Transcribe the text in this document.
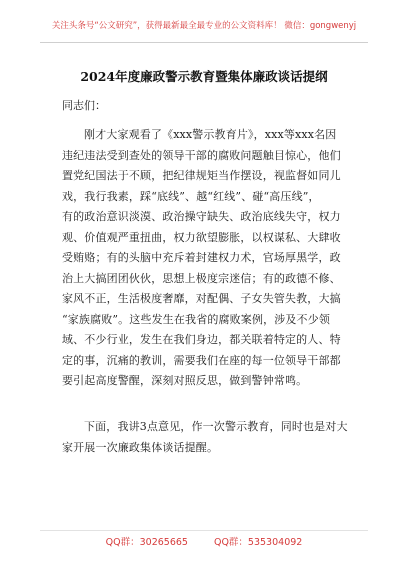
关注头条号“公文研究”，获得最新最全最专业的公文资料库！ 微信：gongwenyj
2024年度廉政警示教育暨集体廉政谈话提纲
同志们：
刚才大家观看了《xxx警示教育片》，xxx等xxx名因
违纪违法受到查处的领导干部的腐败问题触目惊心，他们
置党纪国法于不顾，把纪律规矩当作摆设，视监督如同儿
戏，我行我素，踩“底线”、越“红线”、碰“高压线”，
有的政治意识淡漠、政治操守缺失、政治底线失守，权力
观、价值观严重扭曲，权力欲望膨胀，以权谋私、大肆收
受贿赂；有的头脑中充斥着封建权力术，官场厚黑学，政
治上大搞团团伙伙，思想上极度宗迷信；有的政德不修、
家风不正，生活极度奢靡，对配偶、子女失管失教，大搞
“家族腐败”。这些发生在我省的腐败案例，涉及不少领
域、不少行业，发生在我们身边，都关联着特定的人、特
定的事，沉痛的教训，需要我们在座的每一位领导干部都
要引起高度警醒，深刻对照反思，做到警钟常鸣。
下面，我讲3点意见，作一次警示教育，同时也是对大
家开展一次廉政集体谈话提醒。
QQ群：30265665	QQ群：535304092
